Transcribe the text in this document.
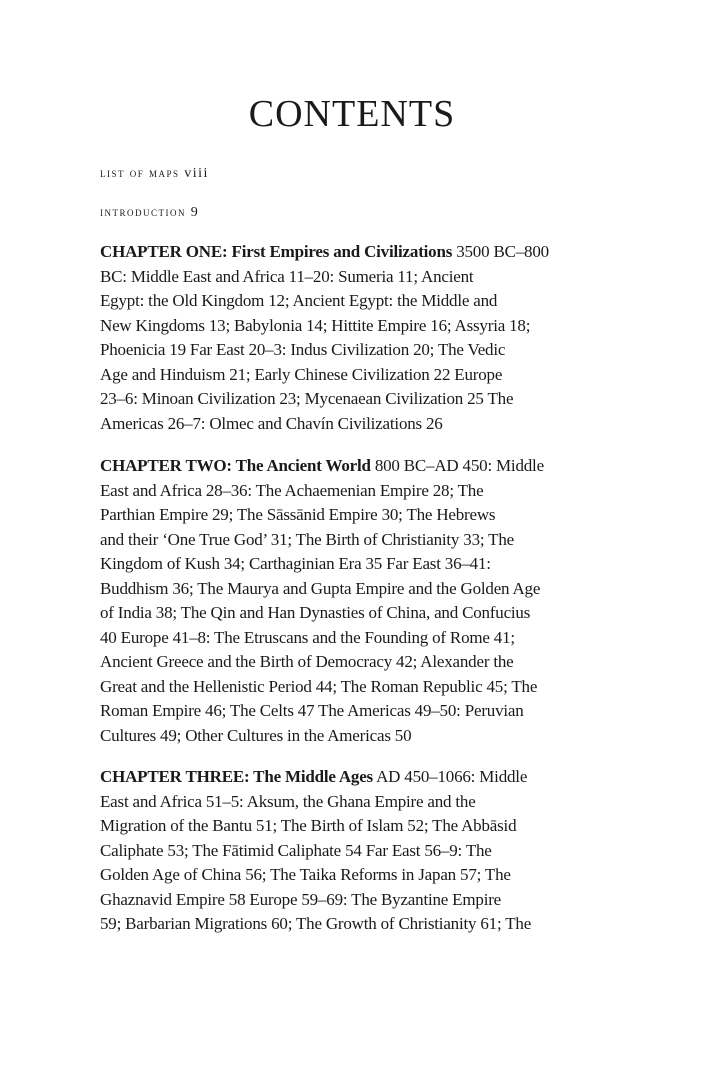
CONTENTS
list of maps viii
introduction 9
CHAPTER ONE: First Empires and Civilizations 3500 BC–800
BC: Middle East and Africa 11–20: Sumeria 11; Ancient
Egypt: the Old Kingdom 12; Ancient Egypt: the Middle and
New Kingdoms 13; Babylonia 14; Hittite Empire 16; Assyria 18;
Phoenicia 19 Far East 20–3: Indus Civilization 20; The Vedic
Age and Hinduism 21; Early Chinese Civilization 22 Europe
23–6: Minoan Civilization 23; Mycenaean Civilization 25 The
Americas 26–7: Olmec and Chavín Civilizations 26
CHAPTER TWO: The Ancient World 800 BC–AD 450: Middle
East and Africa 28–36: The Achaemenian Empire 28; The
Parthian Empire 29; The Sāssānid Empire 30; The Hebrews
and their ‘One True God’ 31; The Birth of Christianity 33; The
Kingdom of Kush 34; Carthaginian Era 35 Far East 36–41:
Buddhism 36; The Maurya and Gupta Empire and the Golden Age
of India 38; The Qin and Han Dynasties of China, and Confucius
40 Europe 41–8: The Etruscans and the Founding of Rome 41;
Ancient Greece and the Birth of Democracy 42; Alexander the
Great and the Hellenistic Period 44; The Roman Republic 45; The
Roman Empire 46; The Celts 47 The Americas 49–50: Peruvian
Cultures 49; Other Cultures in the Americas 50
CHAPTER THREE: The Middle Ages AD 450–1066: Middle
East and Africa 51–5: Aksum, the Ghana Empire and the
Migration of the Bantu 51; The Birth of Islam 52; The Abbāsid
Caliphate 53; The Fātimid Caliphate 54 Far East 56–9: The
Golden Age of China 56; The Taika Reforms in Japan 57; The
Ghaznavid Empire 58 Europe 59–69: The Byzantine Empire
59; Barbarian Migrations 60; The Growth of Christianity 61; The
